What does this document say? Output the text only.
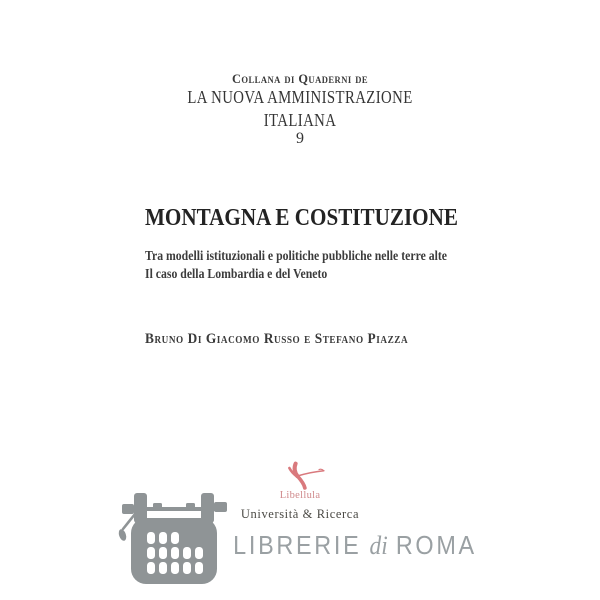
Collana di Quaderni de
LA NUOVA AMMINISTRAZIONE
ITALIANA
9
MONTAGNA E COSTITUZIONE
Tra modelli istituzionali e politiche pubbliche nelle terre alte
Il caso della Lombardia e del Veneto
Bruno Di Giacomo Russo e Stefano Piazza
Libellula
Università & Ricerca
LIBRERIE di ROMA
